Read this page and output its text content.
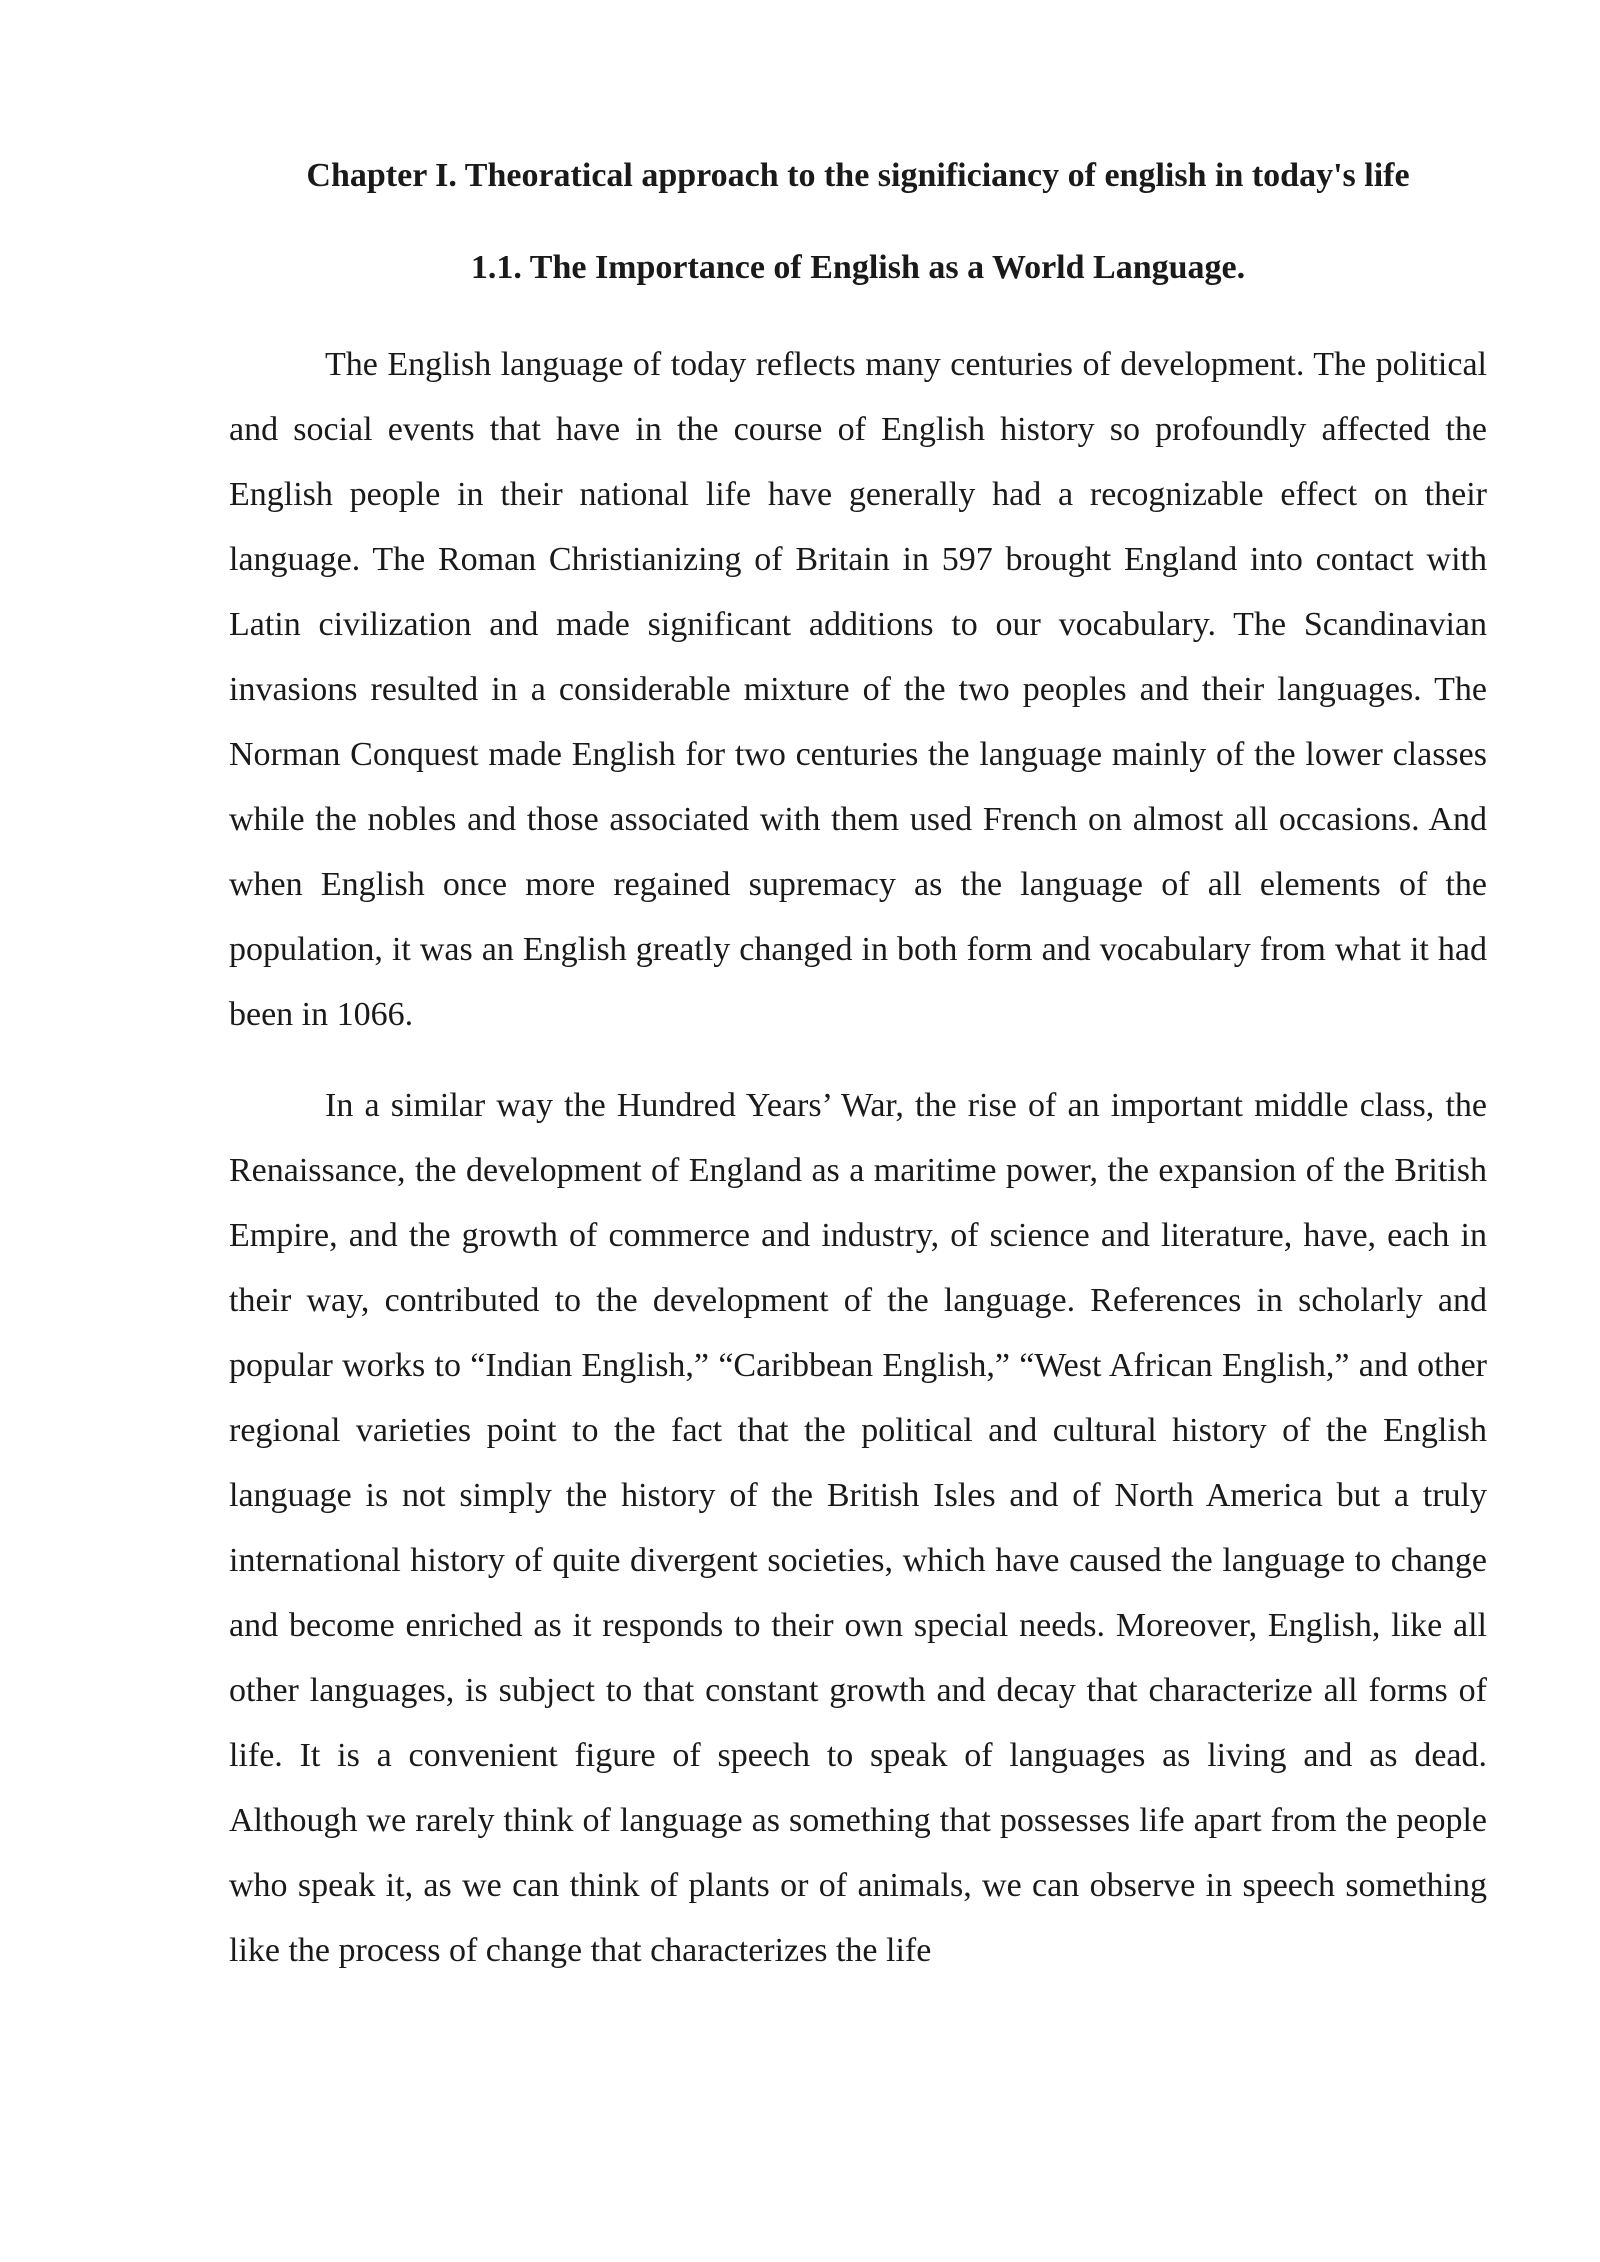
Chapter I. Theoratical approach to the significiancy of english in today's life
1.1. The Importance of English as a World Language.

The English language of today reflects many centuries of development. The political and social events that have in the course of English history so profoundly affected the English people in their national life have generally had a recognizable effect on their language. The Roman Christianizing of Britain in 597 brought England into contact with Latin civilization and made significant additions to our vocabulary. The Scandinavian invasions resulted in a considerable mixture of the two peoples and their languages. The Norman Conquest made English for two centuries the language mainly of the lower classes while the nobles and those associated with them used French on almost all occasions. And when English once more regained supremacy as the language of all elements of the population, it was an English greatly changed in both form and vocabulary from what it had been in 1066.

In a similar way the Hundred Years’ War, the rise of an important middle class, the Renaissance, the development of England as a maritime power, the expansion of the British Empire, and the growth of commerce and industry, of science and literature, have, each in their way, contributed to the development of the language. References in scholarly and popular works to “Indian English,” “Caribbean English,” “West African English,” and other regional varieties point to the fact that the political and cultural history of the English language is not simply the history of the British Isles and of North America but a truly international history of quite divergent societies, which have caused the language to change and become enriched as it responds to their own special needs. Moreover, English, like all other languages, is subject to that constant growth and decay that characterize all forms of life. It is a convenient figure of speech to speak of languages as living and as dead. Although we rarely think of language as something that possesses life apart from the people who speak it, as we can think of plants or of animals, we can observe in speech something like the process of change that characterizes the life
